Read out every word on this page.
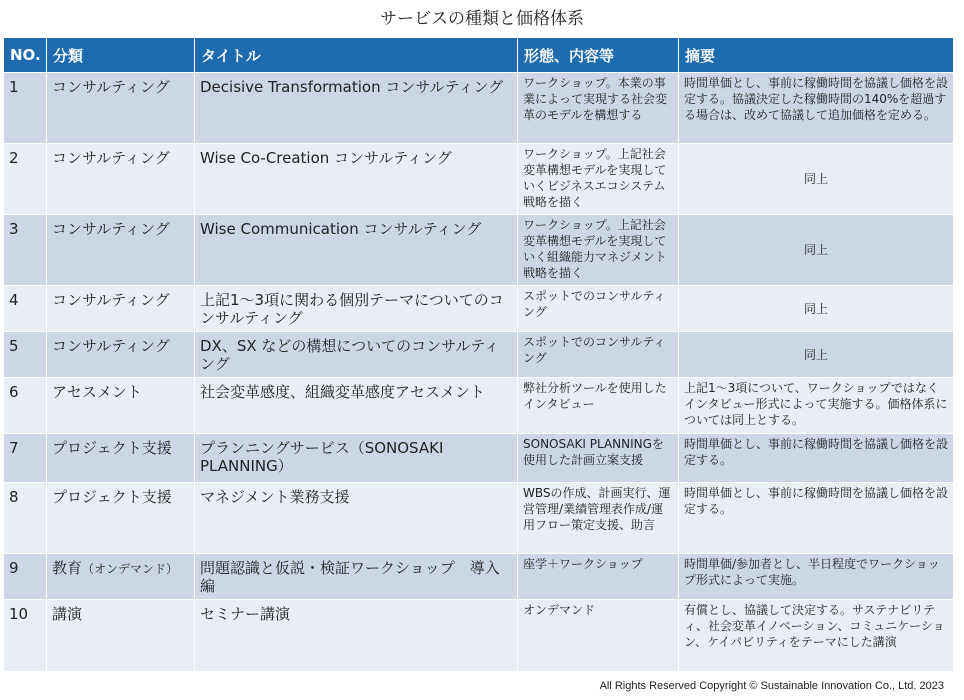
サービスの種類と価格体系
NO.	分類	タイトル	形態、内容等	摘要
1	コンサルティング	Decisive Transformation コンサルティング	ワークショップ。本業の事業によって実現する社会変革のモデルを構想する	時間単価とし、事前に稼働時間を協議し価格を設定する。協議決定した稼働時間の140%を超過する場合は、改めて協議して追加価格を定める。
2	コンサルティング	Wise Co-Creation コンサルティング	ワークショップ。上記社会変革構想モデルを実現していくビジネスエコシステム戦略を描く	同上
3	コンサルティング	Wise Communication コンサルティング	ワークショップ。上記社会変革構想モデルを実現していく組織能力マネジメント戦略を描く	同上
4	コンサルティング	上記1～3項に関わる個別テーマについてのコンサルティング	スポットでのコンサルティング	同上
5	コンサルティング	DX、SX などの構想についてのコンサルティング	スポットでのコンサルティング	同上
6	アセスメント	社会変革感度、組織変革感度アセスメント	弊社分析ツールを使用したインタビュー	上記1～3項について、ワークショップではなくインタビュー形式によって実施する。価格体系については同上とする。
7	プロジェクト支援	プランニングサービス（SONOSAKI PLANNING）	SONOSAKI PLANNINGを使用した計画立案支援	時間単価とし、事前に稼働時間を協議し価格を設定する。
8	プロジェクト支援	マネジメント業務支援	WBSの作成、計画実行、運営管理/業績管理表作成/運用フロー策定支援、助言	時間単価とし、事前に稼働時間を協議し価格を設定する。
9	教育（オンデマンド）	問題認識と仮説・検証ワークショップ　導入編	座学＋ワークショップ	時間単価/参加者とし、半日程度でワークショップ形式によって実施。
10	講演	セミナー講演	オンデマンド	有償とし、協議して決定する。サステナビリティ、社会変革イノベーション、コミュニケーション、ケイパビリティをテーマにした講演
All Rights Reserved Copyright © Sustainable Innovation Co., Ltd. 2023
